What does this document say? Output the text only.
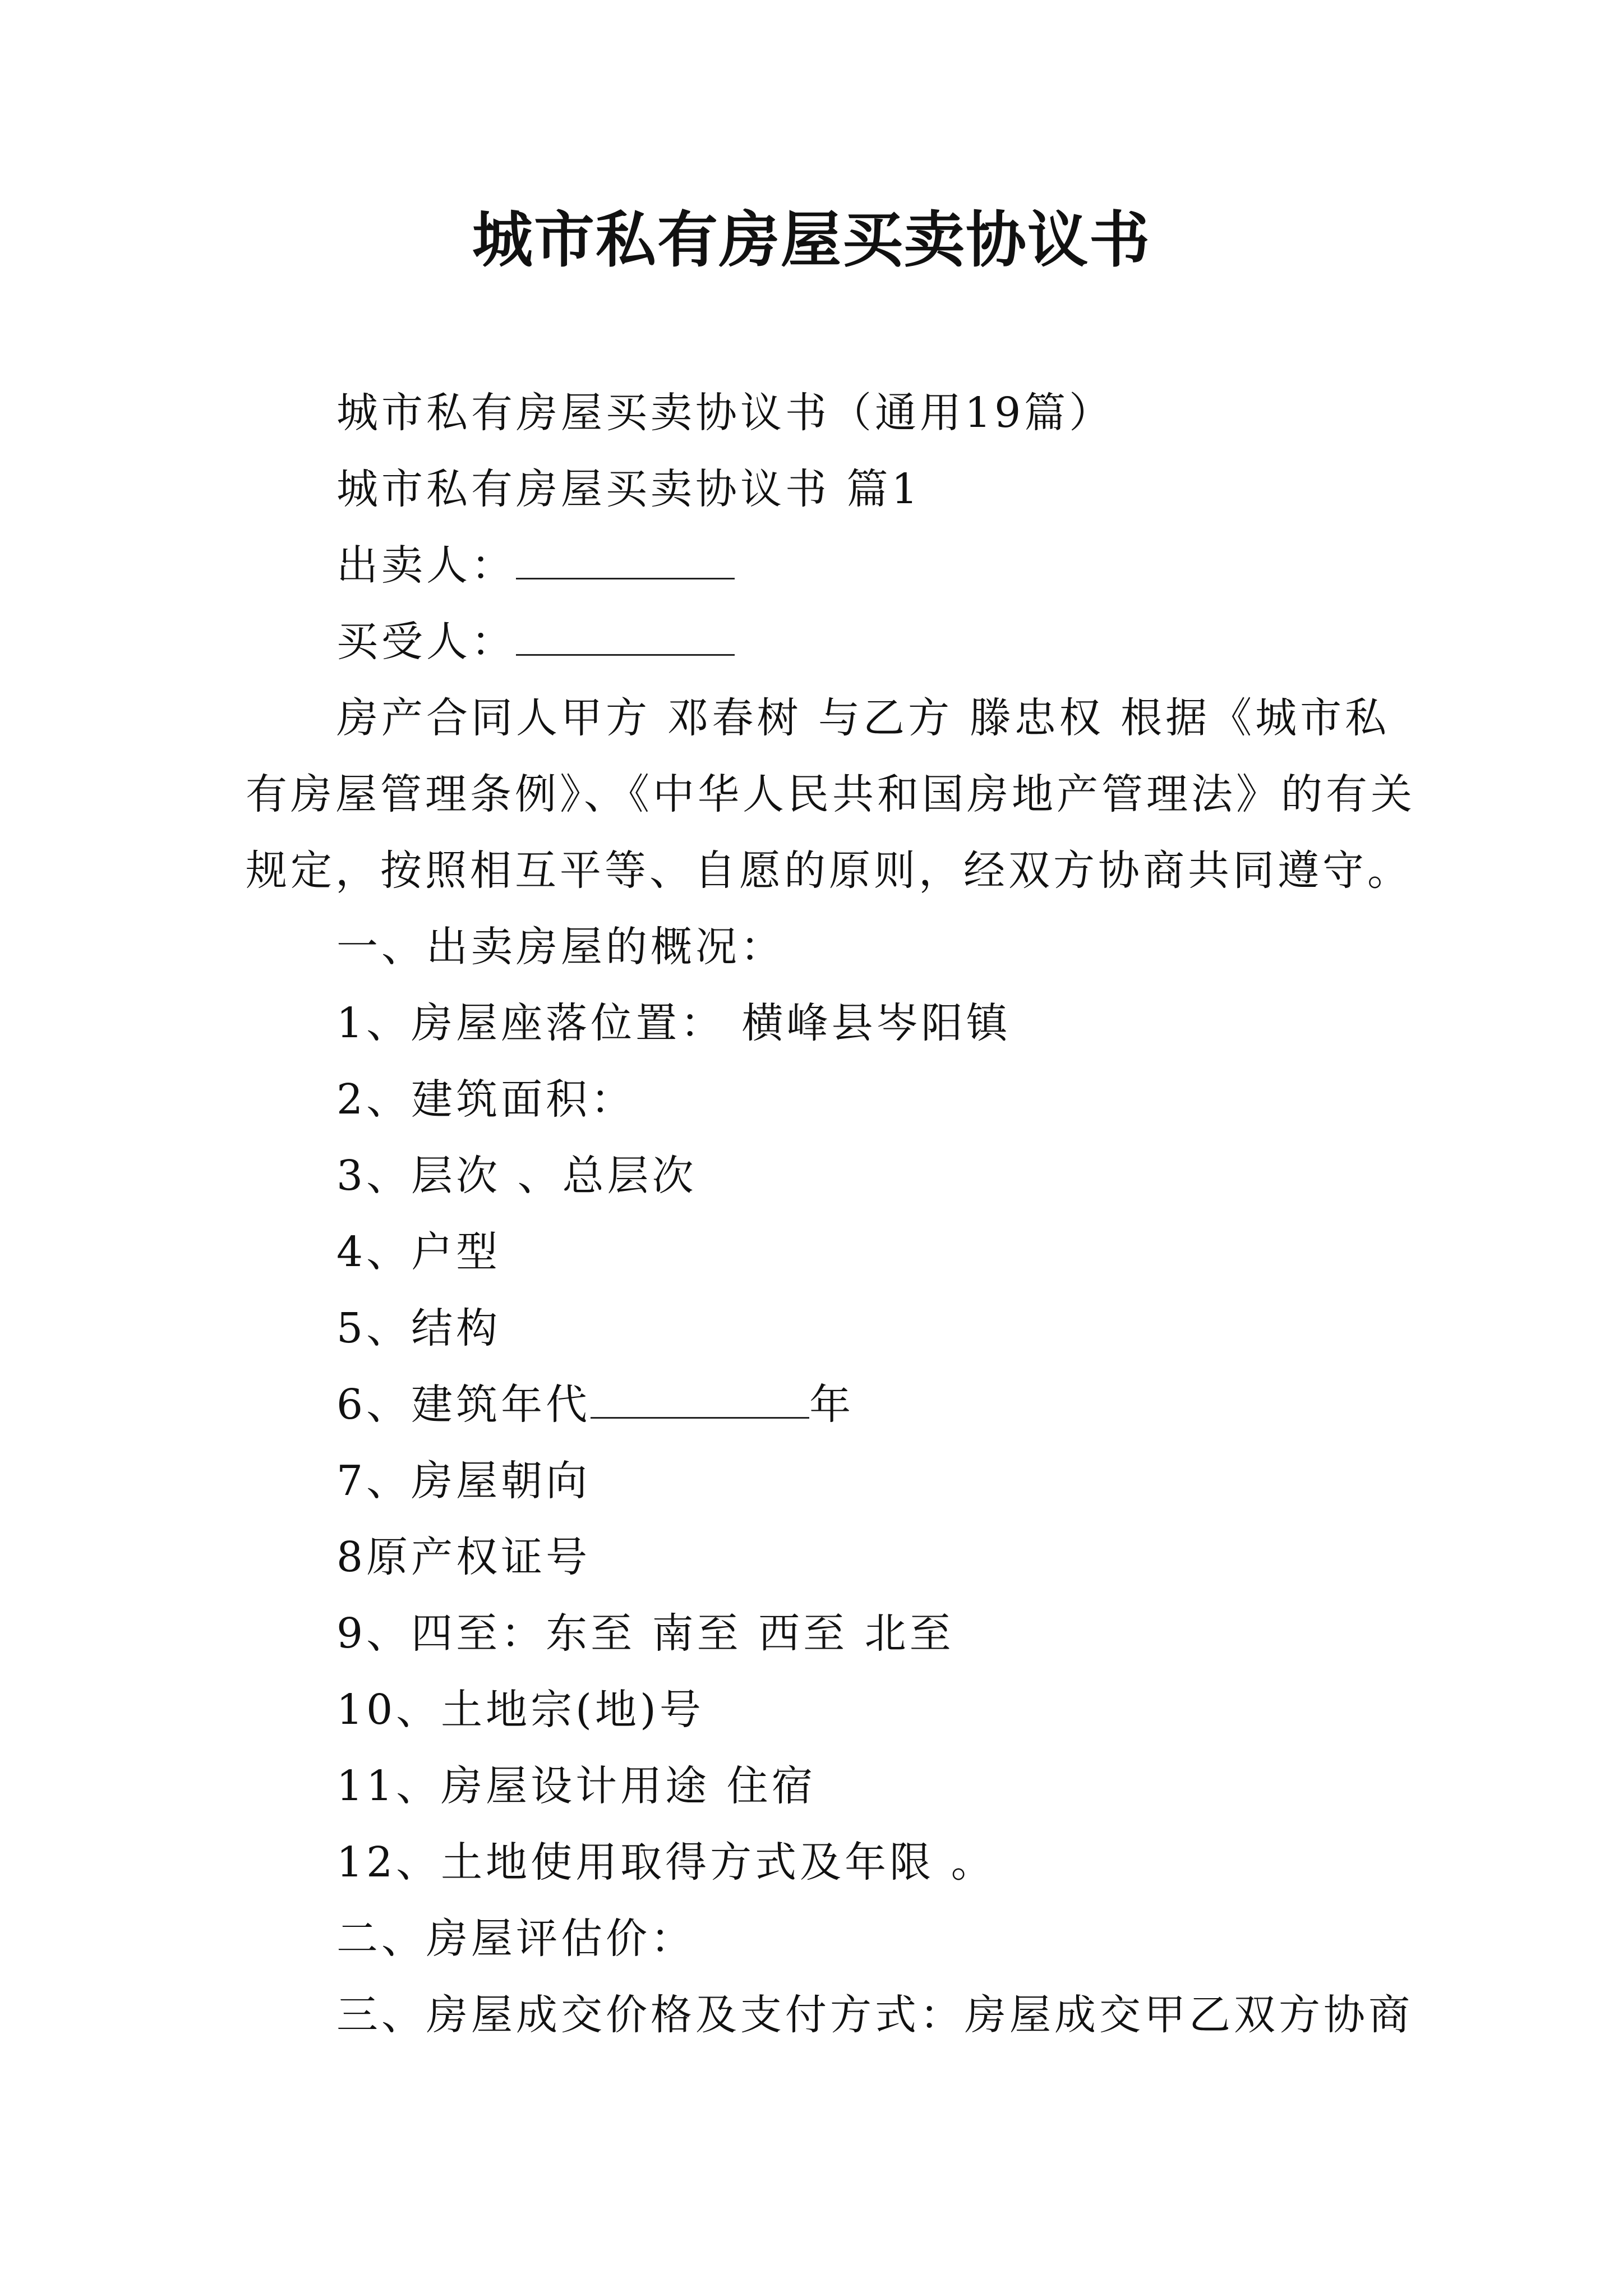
城市私有房屋买卖协议书
城市私有房屋买卖协议书（通用19篇）
城市私有房屋买卖协议书 篇1
出卖人：
买受人：
房产合同人甲方 邓春树 与乙方 滕忠权 根据《城市私
有房屋管理条例》、《中华人民共和国房地产管理法》的有关
规定，按照相互平等、自愿的原则，经双方协商共同遵守。
一、出卖房屋的概况：
1、房屋座落位置： 横峰县岑阳镇
2、建筑面积：
3、层次 、总层次
4、户型
5、结构
6、建筑年代	年
7、房屋朝向
8原产权证号
9、四至：东至 南至 西至 北至
10、土地宗(地)号
11、房屋设计用途 住宿
12、土地使用取得方式及年限 。
二、房屋评估价：
三、房屋成交价格及支付方式：房屋成交甲乙双方协商
